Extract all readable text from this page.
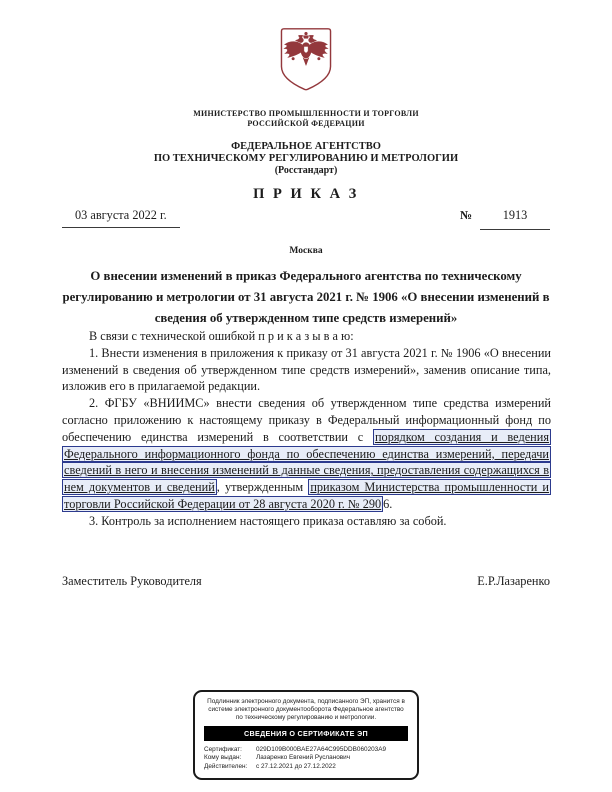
МИНИСТЕРСТВО ПРОМЫШЛЕННОСТИ И ТОРГОВЛИ
РОССИЙСКОЙ ФЕДЕРАЦИИ
ФЕДЕРАЛЬНОЕ АГЕНТСТВО
ПО ТЕХНИЧЕСКОМУ РЕГУЛИРОВАНИЮ И МЕТРОЛОГИИ
(Росстандарт)
П Р И К А З
03 августа 2022 г.	№	1913
Москва
О внесении изменений в приказ Федерального агентства по техническому регулированию и метрологии от 31 августа 2021 г. № 1906 «О внесении изменений в сведения об утвержденном типе средств измерений»

В связи с технической ошибкой п р и к а з ы в а ю:

1. Внести изменения в приложения к приказу от 31 августа 2021 г. № 1906 «О внесении изменений в сведения об утвержденном типе средств измерений», заменив описание типа, изложив его в прилагаемой редакции.

2. ФГБУ «ВНИИМС» внести сведения об утвержденном типе средства измерений согласно приложению к настоящему приказу в Федеральный информационный фонд по обеспечению единства измерений в соответствии с порядком создания и ведения Федерального информационного фонда по обеспечению единства измерений, передачи сведений в него и внесения изменений в данные сведения, предоставления содержащихся в нем документов и сведений , утвержденным приказом Министерства промышленности и торговли Российской Федерации от 28 августа 2020 г. № 290 6.

3. Контроль за исполнением настоящего приказа оставляю за собой.

Заместитель Руководителя	Е.Р.Лазаренко
Подлинник электронного документа, подписанного ЭП, хранится в системе электронного документооборота Федеральное агентство по техническому регулированию и метрологии.
СВЕДЕНИЯ О СЕРТИФИКАТЕ ЭП
Сертификат:	029D109B000BAE27A64C995DDB060203A9
Кому выдан:	Лазаренко Евгений Русланович
Действителен:	с 27.12.2021 до 27.12.2022
